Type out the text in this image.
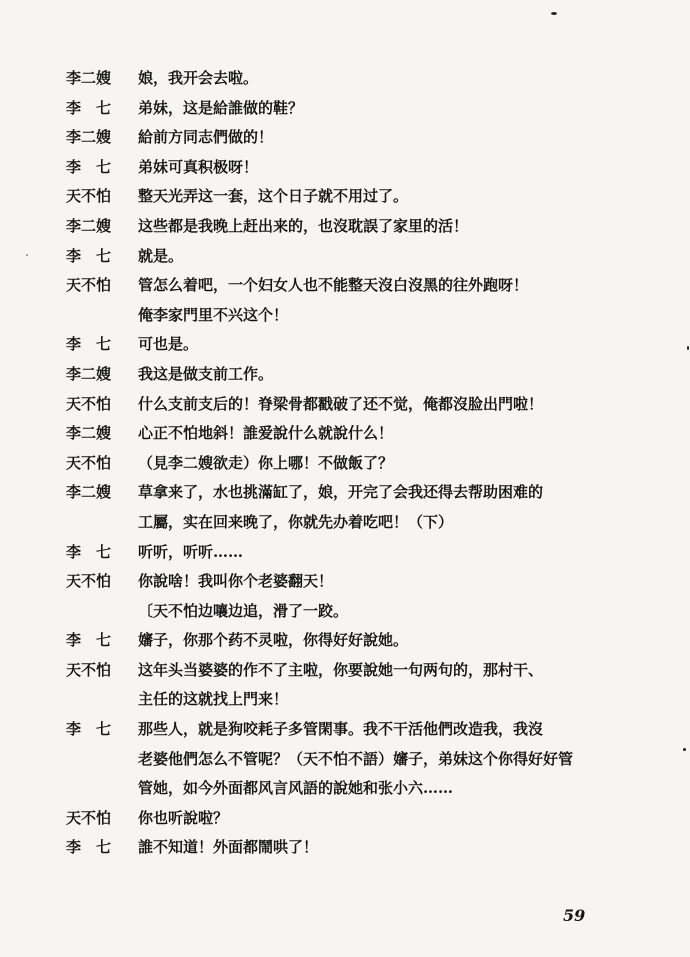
李二嫂	娘，我开会去啦。
李　七	弟妹，这是給誰做的鞋？
李二嫂	給前方同志們做的！
李　七	弟妹可真积极呀！
天不怕	整天光弄这一套，这个日子就不用过了。
李二嫂	这些都是我晚上赶出来的，也沒耽誤了家里的活！
李　七	就是。
天不怕	管怎么着吧，一个妇女人也不能整天沒白沒黑的往外跑呀！
俺李家門里不兴这个！
李　七	可也是。
李二嫂	我这是做支前工作。
天不怕	什么支前支后的！脊梁骨都戳破了还不觉，俺都沒脸出門啦！
李二嫂	心正不怕地斜！誰爱說什么就說什么！
天不怕	（見李二嫂欲走）你上哪！不做飯了？
李二嫂	草拿来了，水也挑滿缸了，娘，开完了会我还得去帮助困难的
工屬，实在回来晚了，你就先办着吃吧！（下）
李　七	听听，听听……
天不怕	你說啥！我叫你个老婆翻天！
〔天不怕边嚷边追，滑了一跤。
李　七	嬸子，你那个药不灵啦，你得好好說她。
天不怕	这年头当婆婆的作不了主啦，你要說她一句两句的，那村干、
主任的这就找上門来！
李　七	那些人，就是狗咬耗子多管閑事。我不干活他們改造我，我沒
老婆他們怎么不管呢？（天不怕不語）嬸子，弟妹这个你得好好管
管她，如今外面都风言风語的說她和张小六……
天不怕	你也听說啦？
李　七	誰不知道！外面都鬧哄了！
59
